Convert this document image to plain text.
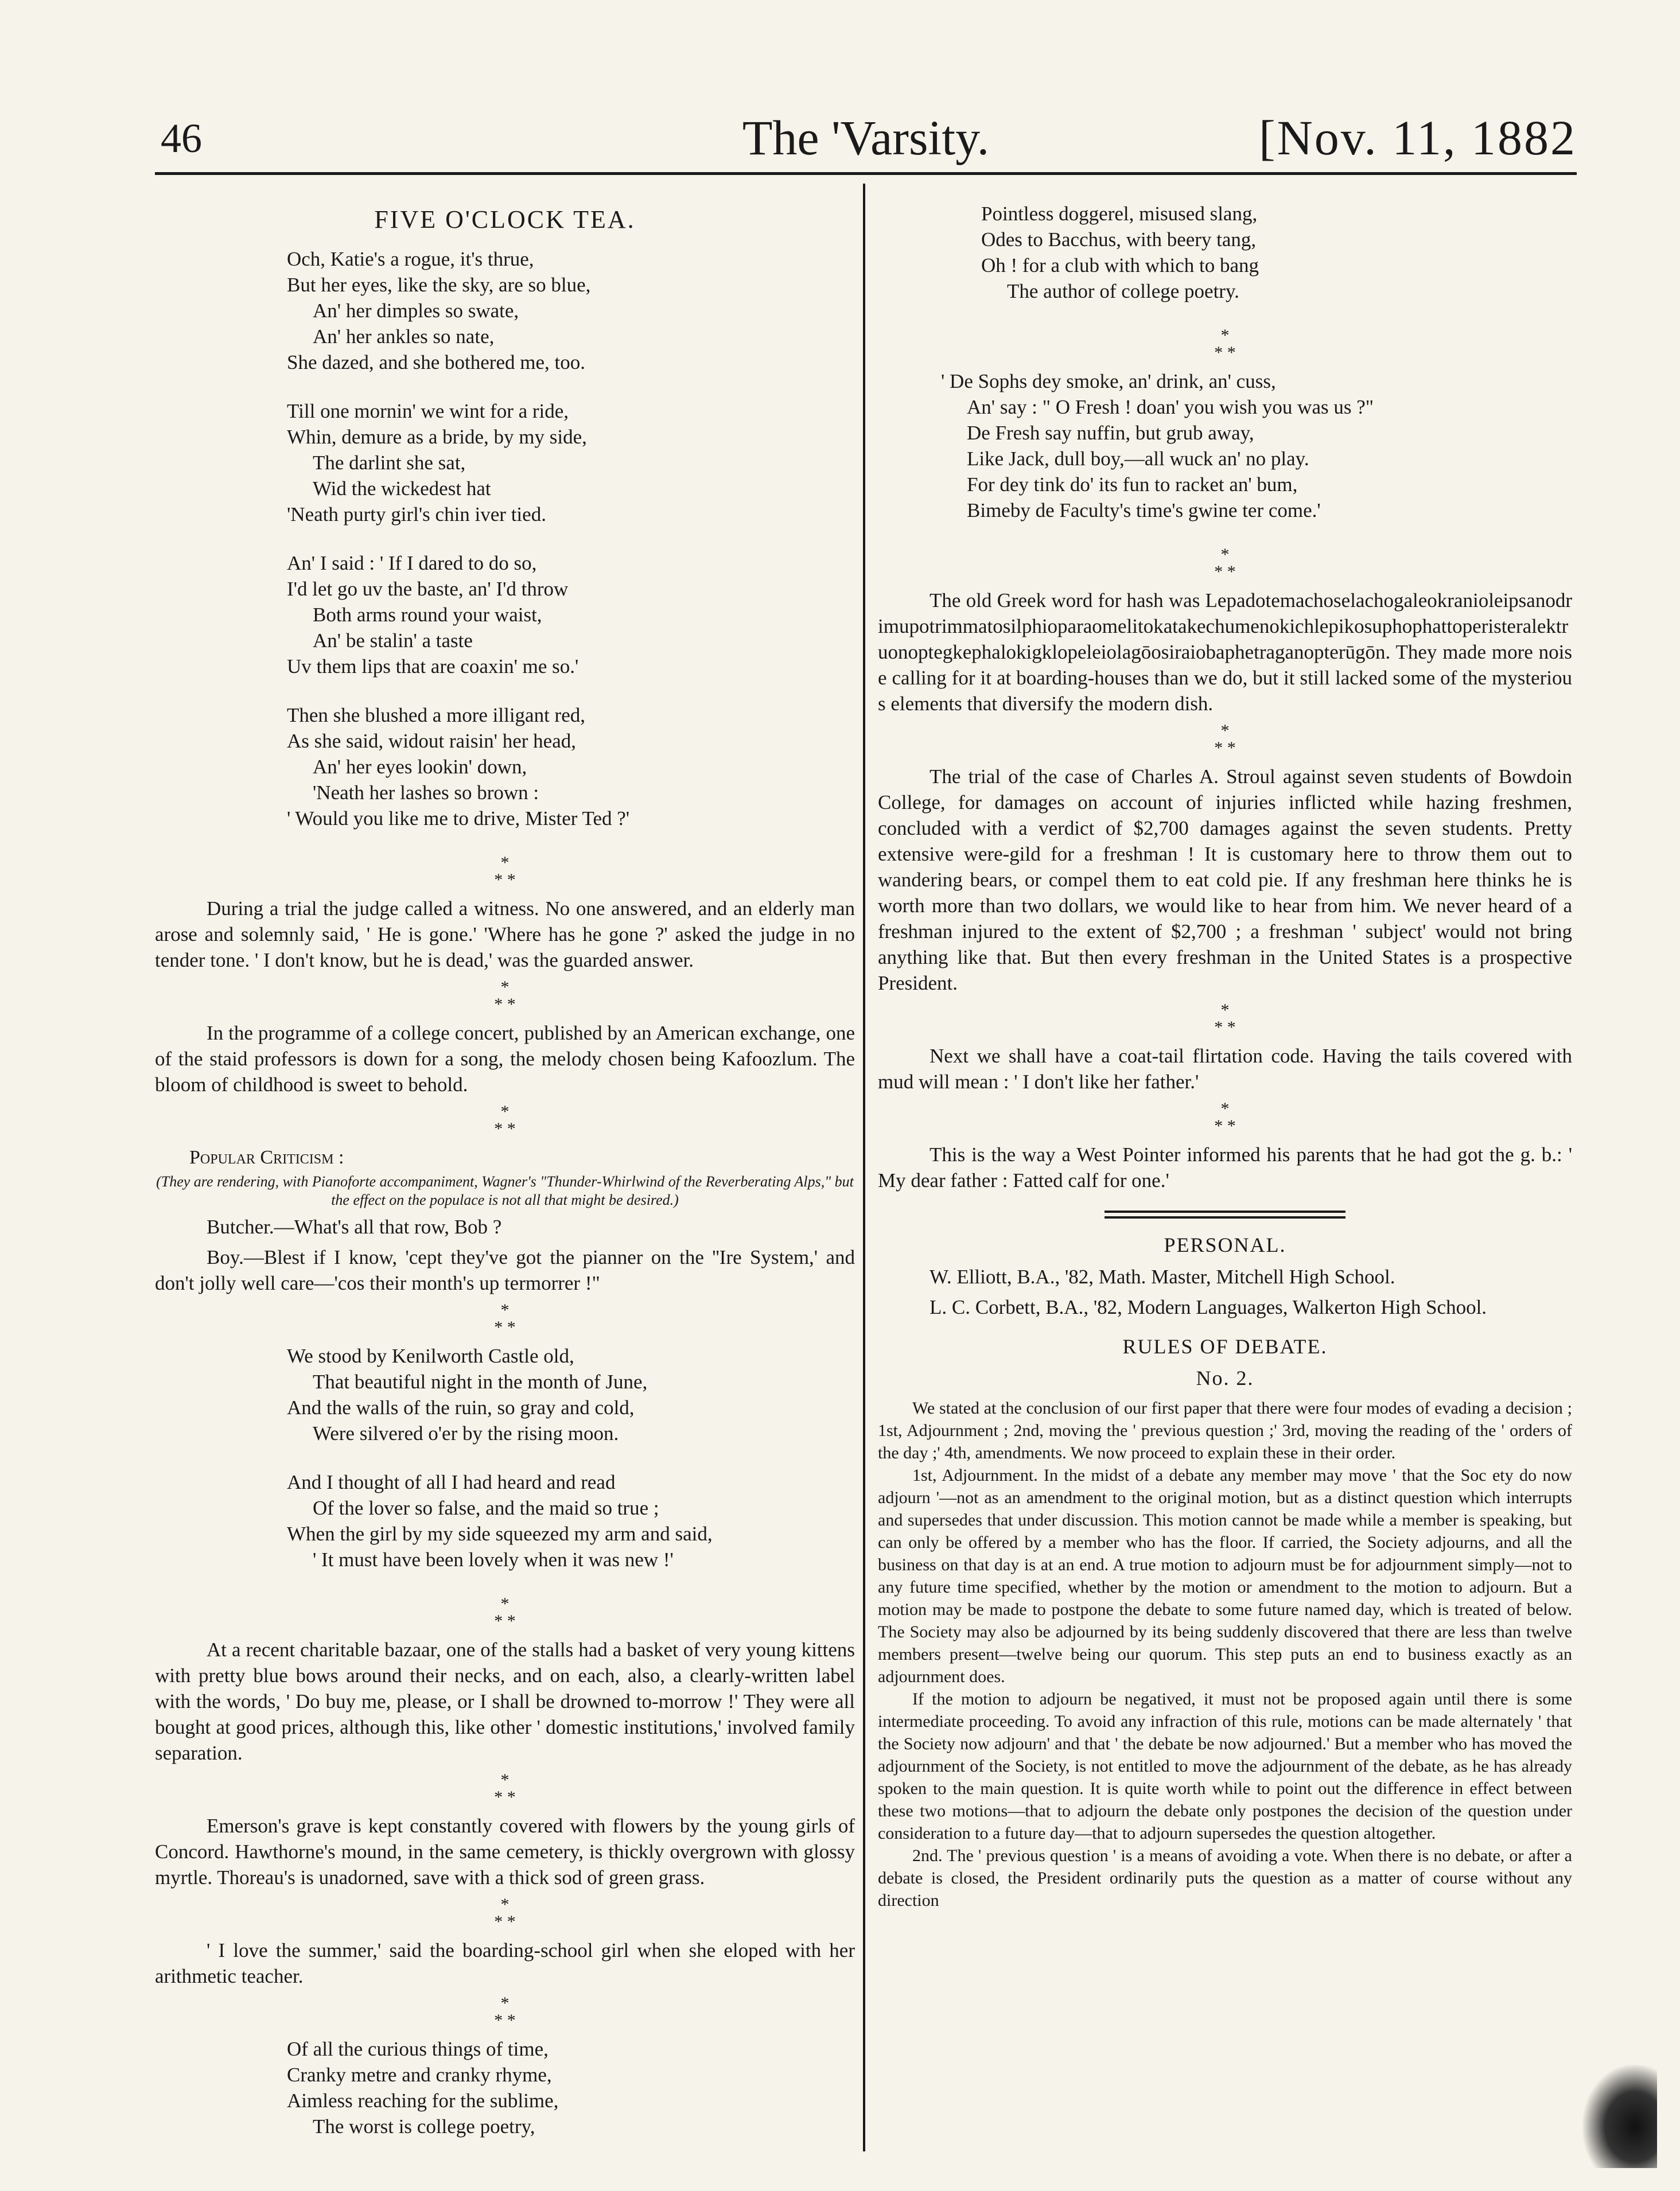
46	The 'Varsity.	[Nov. 11, 1882
FIVE O'CLOCK TEA.
Och, Katie's a rogue, it's thrue,
But her eyes, like the sky, are so blue,
An' her dimples so swate,
An' her ankles so nate,
She dazed, and she bothered me, too.
Till one mornin' we wint for a ride,
Whin, demure as a bride, by my side,
The darlint she sat,
Wid the wickedest hat
'Neath purty girl's chin iver tied.
An' I said : ' If I dared to do so,
I'd let go uv the baste, an' I'd throw
Both arms round your waist,
An' be stalin' a taste
Uv them lips that are coaxin' me so.'
Then she blushed a more illigant red,
As she said, widout raisin' her head,
An' her eyes lookin' down,
'Neath her lashes so brown :
' Would you like me to drive, Mister Ted ?'
*
* *

During a trial the judge called a witness. No one answered, and an elderly man arose and solemnly said, ' He is gone.' 'Where has he gone ?' asked the judge in no tender tone. ' I don't know, but he is dead,' was the guarded answer.

*
* *

In the programme of a college concert, published by an American exchange, one of the staid professors is down for a song, the melody chosen being Kafoozlum. The bloom of childhood is sweet to behold.

*
* *
Popular Criticism :
(They are rendering, with Pianoforte accompaniment, Wagner's "Thunder-Whirlwind of the Reverberating Alps," but the effect on the populace is not all that might be desired.)

Butcher.—What's all that row, Bob ?

Boy.—Blest if I know, 'cept they've got the pianner on the ''Ire System,' and don't jolly well care—'cos their month's up termorrer !"

*
* *
We stood by Kenilworth Castle old,
That beautiful night in the month of June,
And the walls of the ruin, so gray and cold,
Were silvered o'er by the rising moon.
And I thought of all I had heard and read
Of the lover so false, and the maid so true ;
When the girl by my side squeezed my arm and said,
' It must have been lovely when it was new !'
*
* *

At a recent charitable bazaar, one of the stalls had a basket of very young kittens with pretty blue bows around their necks, and on each, also, a clearly-written label with the words, ' Do buy me, please, or I shall be drowned to-morrow !' They were all bought at good prices, although this, like other ' domestic institutions,' involved family separation.

*
* *

Emerson's grave is kept constantly covered with flowers by the young girls of Concord. Hawthorne's mound, in the same cemetery, is thickly overgrown with glossy myrtle. Thoreau's is unadorned, save with a thick sod of green grass.

*
* *

' I love the summer,' said the boarding-school girl when she eloped with her arithmetic teacher.

*
* *
Of all the curious things of time,
Cranky metre and cranky rhyme,
Aimless reaching for the sublime,
The worst is college poetry,
Pointless doggerel, misused slang,
Odes to Bacchus, with beery tang,
Oh ! for a club with which to bang
The author of college poetry.
*
* *
' De Sophs dey smoke, an' drink, an' cuss,
An' say : " O Fresh ! doan' you wish you was us ?"
De Fresh say nuffin, but grub away,
Like Jack, dull boy,—all wuck an' no play.
For dey tink do' its fun to racket an' bum,
Bimeby de Faculty's time's gwine ter come.'
*
* *

The old Greek word for hash was Lepadotemachoselachogaleokranioleipsanodrimupotrimmatosilphioparaomelitokatakechumenokichlepikosuphophattoperisteralektruonoptegkephalokigklopeleiolagōosiraiobaphetraganopterūgōn. They made more noise calling for it at boarding-houses than we do, but it still lacked some of the mysterious elements that diversify the modern dish.

*
* *

The trial of the case of Charles A. Stroul against seven students of Bowdoin College, for damages on account of injuries inflicted while hazing freshmen, concluded with a verdict of $2,700 damages against the seven students. Pretty extensive were-gild for a freshman ! It is customary here to throw them out to wandering bears, or compel them to eat cold pie. If any freshman here thinks he is worth more than two dollars, we would like to hear from him. We never heard of a freshman injured to the extent of $2,700 ; a freshman ' subject' would not bring anything like that. But then every freshman in the United States is a prospective President.

*
* *

Next we shall have a coat-tail flirtation code. Having the tails covered with mud will mean : ' I don't like her father.'

*
* *

This is the way a West Pointer informed his parents that he had got the g. b.: ' My dear father : Fatted calf for one.'

PERSONAL.

W. Elliott, B.A., '82, Math. Master, Mitchell High School.

L. C. Corbett, B.A., '82, Modern Languages, Walkerton High School.

RULES OF DEBATE.
No. 2.

We stated at the conclusion of our first paper that there were four modes of evading a decision ; 1st, Adjournment ; 2nd, moving the ' previous question ;' 3rd, moving the reading of the ' orders of the day ;' 4th, amendments. We now proceed to explain these in their order.

1st, Adjournment. In the midst of a debate any member may move ' that the Soc ety do now adjourn '—not as an amendment to the original motion, but as a distinct question which interrupts and supersedes that under discussion. This motion cannot be made while a member is speaking, but can only be offered by a member who has the floor. If carried, the Society adjourns, and all the business on that day is at an end. A true motion to adjourn must be for adjournment simply—not to any future time specified, whether by the motion or amendment to the motion to adjourn. But a motion may be made to postpone the debate to some future named day, which is treated of below. The Society may also be adjourned by its being suddenly discovered that there are less than twelve members present—twelve being our quorum. This step puts an end to business exactly as an adjournment does.

If the motion to adjourn be negatived, it must not be proposed again until there is some intermediate proceeding. To avoid any infraction of this rule, motions can be made alternately ' that the Society now adjourn' and that ' the debate be now adjourned.' But a member who has moved the adjournment of the Society, is not entitled to move the adjournment of the debate, as he has already spoken to the main question. It is quite worth while to point out the difference in effect between these two motions—that to adjourn the debate only postpones the decision of the question under consideration to a future day—that to adjourn supersedes the question altogether.

2nd. The ' previous question ' is a means of avoiding a vote. When there is no debate, or after a debate is closed, the President ordinarily puts the question as a matter of course without any direction
